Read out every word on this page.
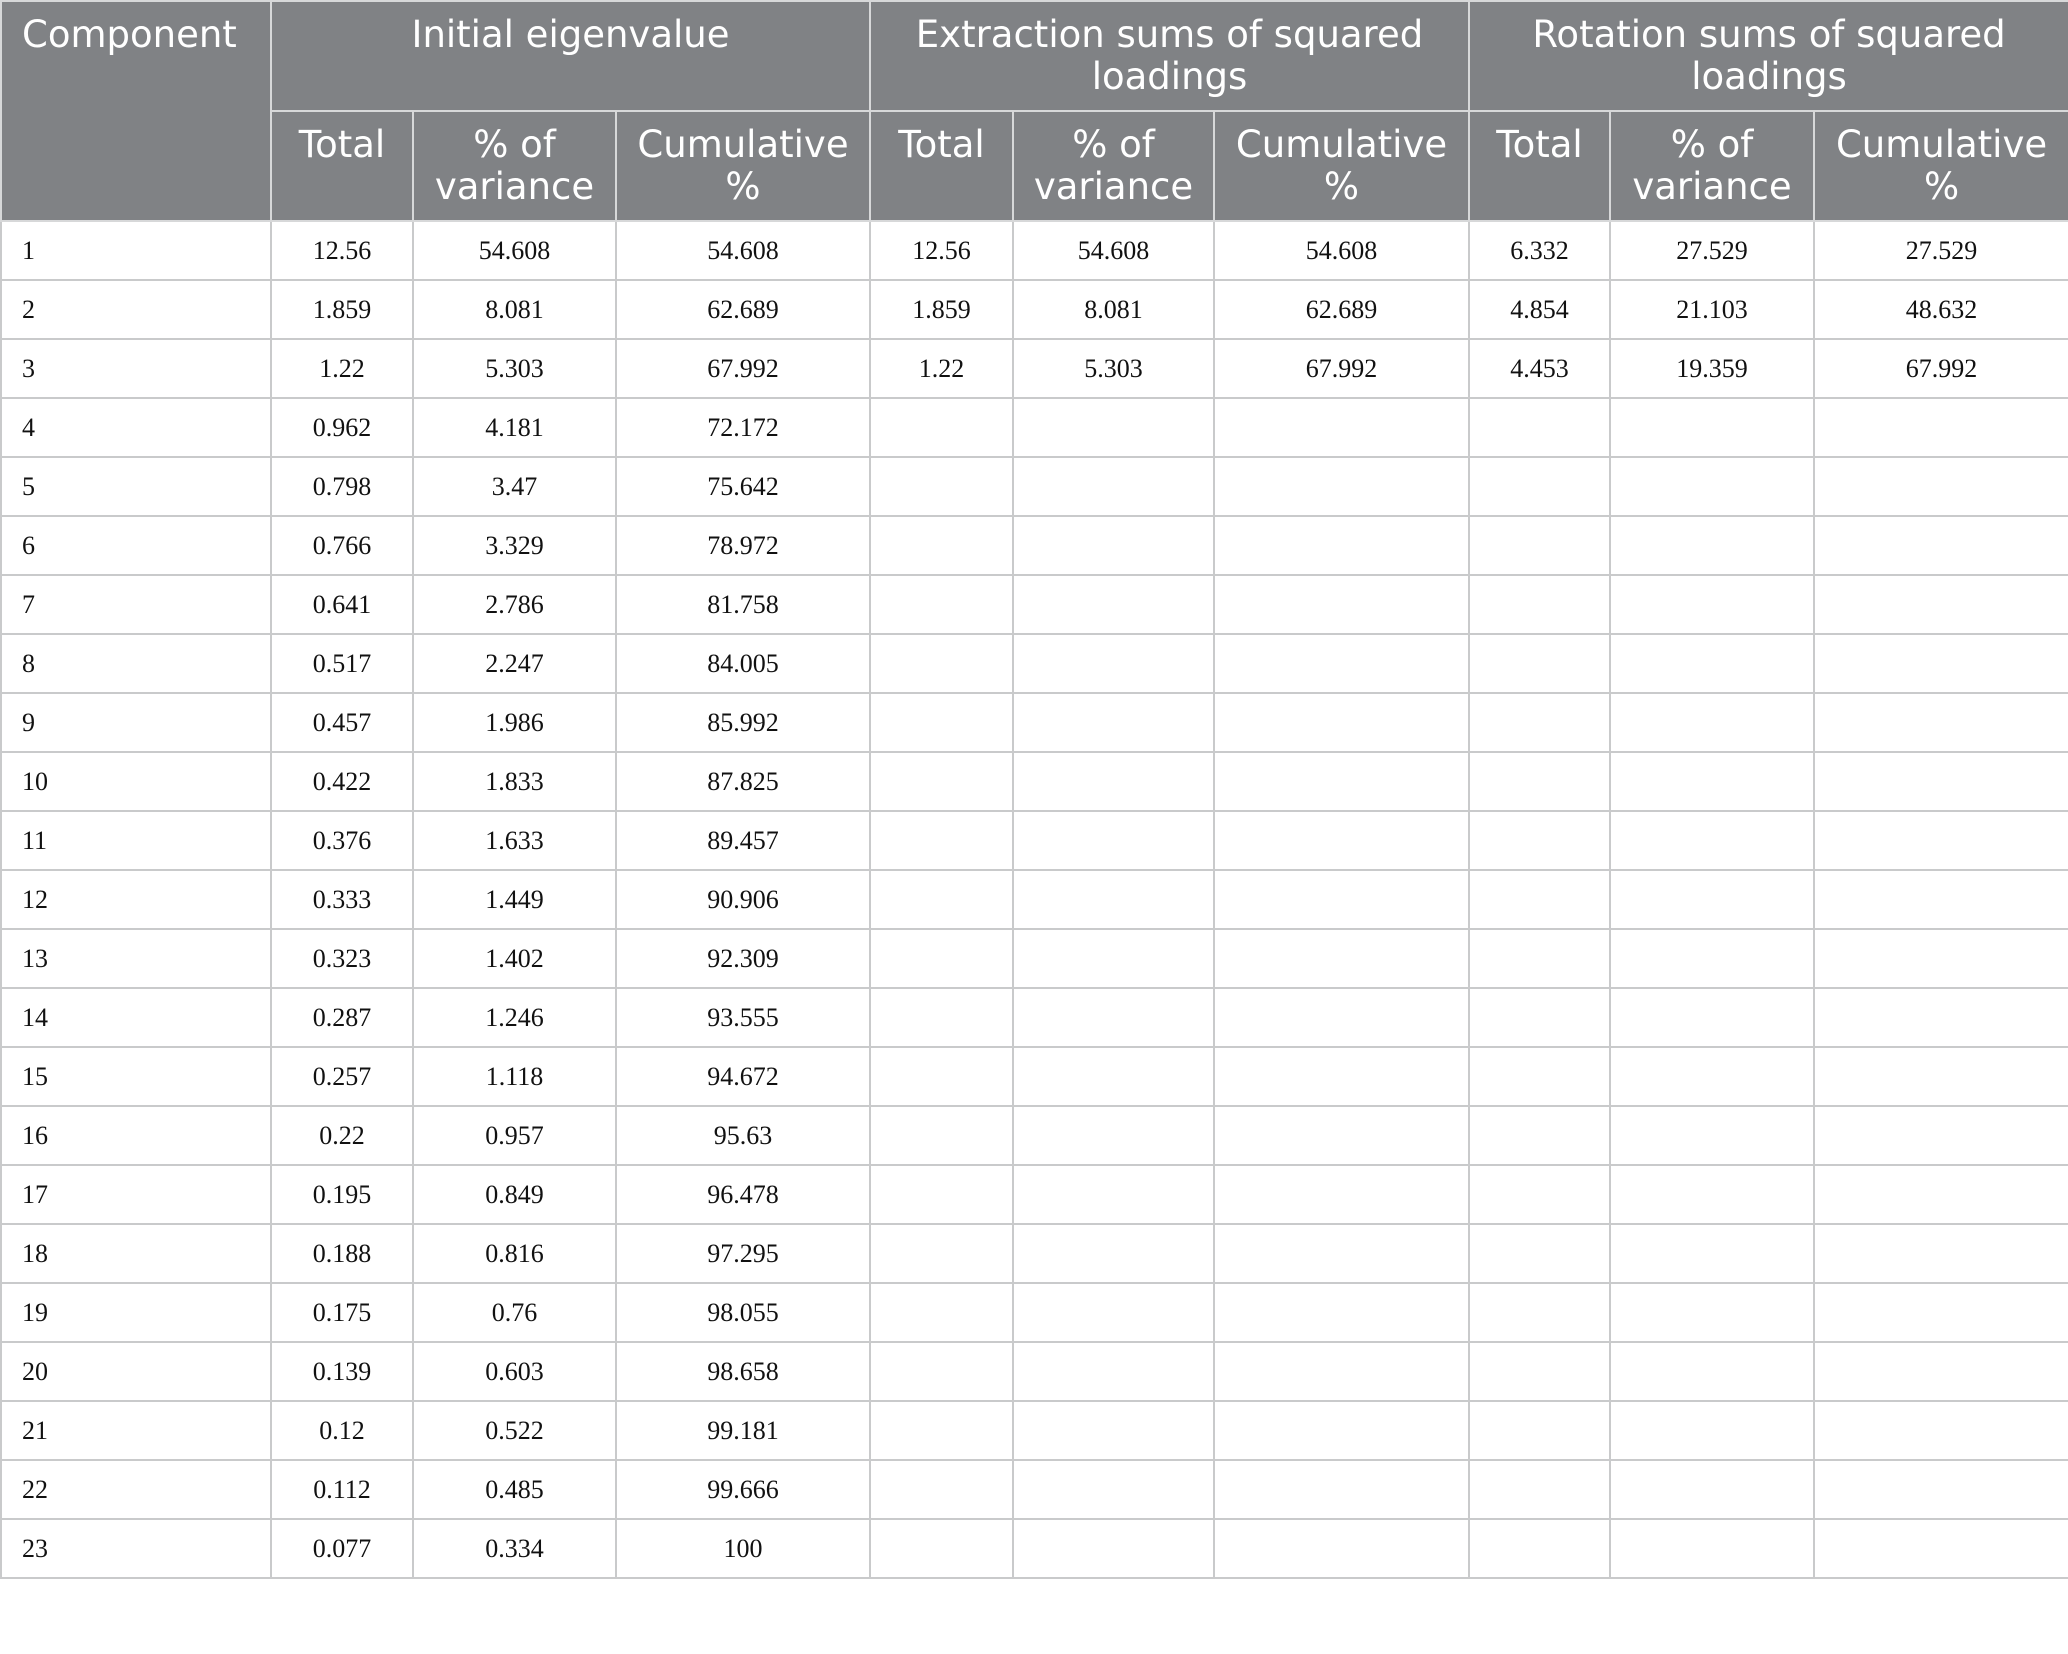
Component	Initial eigenvalue			Extraction sums of squared loadings			Rotation sums of squared loadings		
	Total	% of variance	Cumulative %	Total	% of variance	Cumulative %	Total	% of variance	Cumulative %
1	12.56	54.608	54.608	12.56	54.608	54.608	6.332	27.529	27.529
2	1.859	8.081	62.689	1.859	8.081	62.689	4.854	21.103	48.632
3	1.22	5.303	67.992	1.22	5.303	67.992	4.453	19.359	67.992
4	0.962	4.181	72.172						
5	0.798	3.47	75.642						
6	0.766	3.329	78.972						
7	0.641	2.786	81.758						
8	0.517	2.247	84.005						
9	0.457	1.986	85.992						
10	0.422	1.833	87.825						
11	0.376	1.633	89.457						
12	0.333	1.449	90.906						
13	0.323	1.402	92.309						
14	0.287	1.246	93.555						
15	0.257	1.118	94.672						
16	0.22	0.957	95.63						
17	0.195	0.849	96.478						
18	0.188	0.816	97.295						
19	0.175	0.76	98.055						
20	0.139	0.603	98.658						
21	0.12	0.522	99.181						
22	0.112	0.485	99.666						
23	0.077	0.334	100						
